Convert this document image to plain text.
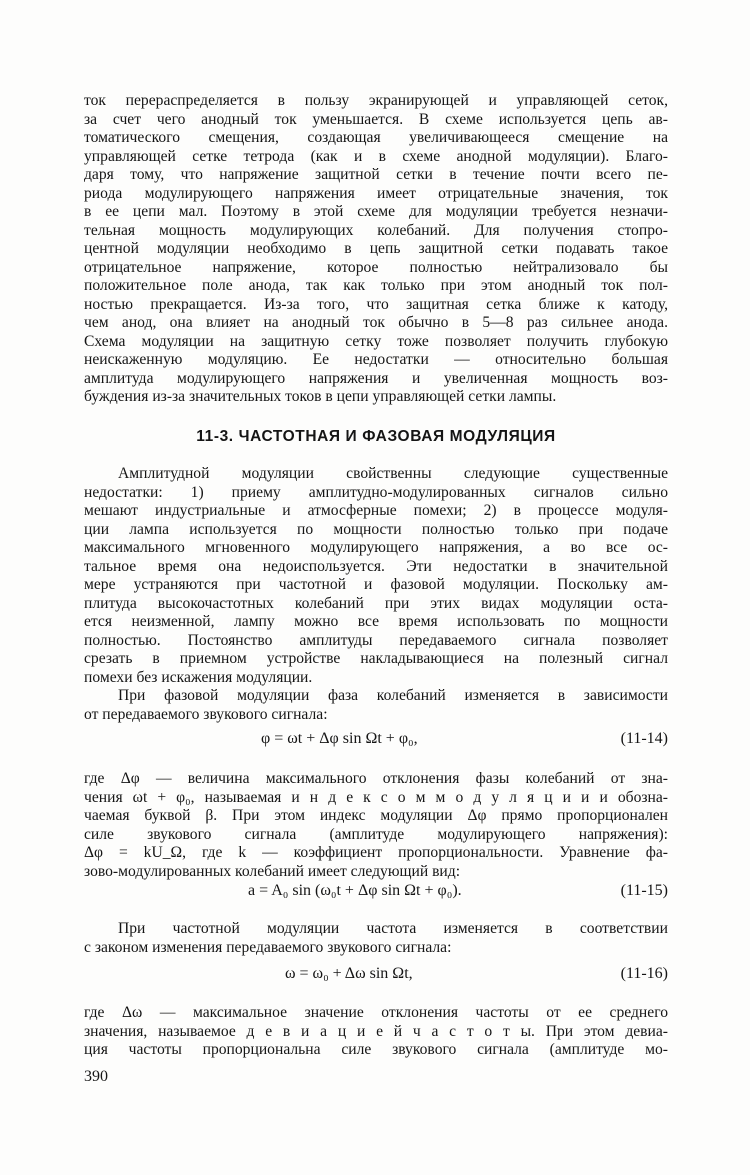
ток перераспределяется в пользу экранирующей и управляющей сеток,
за счет чего анодный ток уменьшается. В схеме используется цепь ав-
томатического смещения, создающая увеличивающееся смещение на
управляющей сетке тетрода (как и в схеме анодной модуляции). Благо-
даря тому, что напряжение защитной сетки в течение почти всего пе-
риода модулирующего напряжения имеет отрицательные значения, ток
в ее цепи мал. Поэтому в этой схеме для модуляции требуется незначи-
тельная мощность модулирующих колебаний. Для получения стопро-
центной модуляции необходимо в цепь защитной сетки подавать такое
отрицательное напряжение, которое полностью нейтрализовало бы
положительное поле анода, так как только при этом анодный ток пол-
ностью прекращается. Из-за того, что защитная сетка ближе к катоду,
чем анод, она влияет на анодный ток обычно в 5—8 раз сильнее анода.
Схема модуляции на защитную сетку тоже позволяет получить глубокую
неискаженную модуляцию. Ее недостатки — относительно большая
амплитуда модулирующего напряжения и увеличенная мощность воз-
буждения из-за значительных токов в цепи управляющей сетки лампы.
11-3. ЧАСТОТНАЯ И ФАЗОВАЯ МОДУЛЯЦИЯ
Амплитудной модуляции свойственны следующие существенные
недостатки: 1) приему амплитудно-модулированных сигналов сильно
мешают индустриальные и атмосферные помехи; 2) в процессе модуля-
ции лампа используется по мощности полностью только при подаче
максимального мгновенного модулирующего напряжения, а во все ос-
тальное время она недоиспользуется. Эти недостатки в значительной
мере устраняются при частотной и фазовой модуляции. Поскольку ам-
плитуда высокочастотных колебаний при этих видах модуляции оста-
ется неизменной, лампу можно все время использовать по мощности
полностью. Постоянство амплитуды передаваемого сигнала позволяет
срезать в приемном устройстве накладывающиеся на полезный сигнал
помехи без искажения модуляции.
При фазовой модуляции фаза колебаний изменяется в зависимости
от передаваемого звукового сигнала:
φ = ωt + Δφ sin Ωt + φ₀,	(11-14)
где Δφ — величина максимального отклонения фазы колебаний от зна-
чения ωt + φ₀, называемая и н д е к с о м м о д у л я ц и и и обозна-
чаемая буквой β. При этом индекс модуляции Δφ прямо пропорционален
силе звукового сигнала (амплитуде модулирующего напряжения):
Δφ = kU_Ω, где k — коэффициент пропорциональности. Уравнение фа-
зово-модулированных колебаний имеет следующий вид:
a = A₀ sin (ω₀t + Δφ sin Ωt + φ₀).	(11-15)
При частотной модуляции частота изменяется в соответствии
с законом изменения передаваемого звукового сигнала:
ω = ω₀ + Δω sin Ωt,	(11-16)
где Δω — максимальное значение отклонения частоты от ее среднего
значения, называемое д е в и а ц и е й ч а с т о т ы. При этом девиа-
ция частоты пропорциональна силе звукового сигнала (амплитуде мо-
390
